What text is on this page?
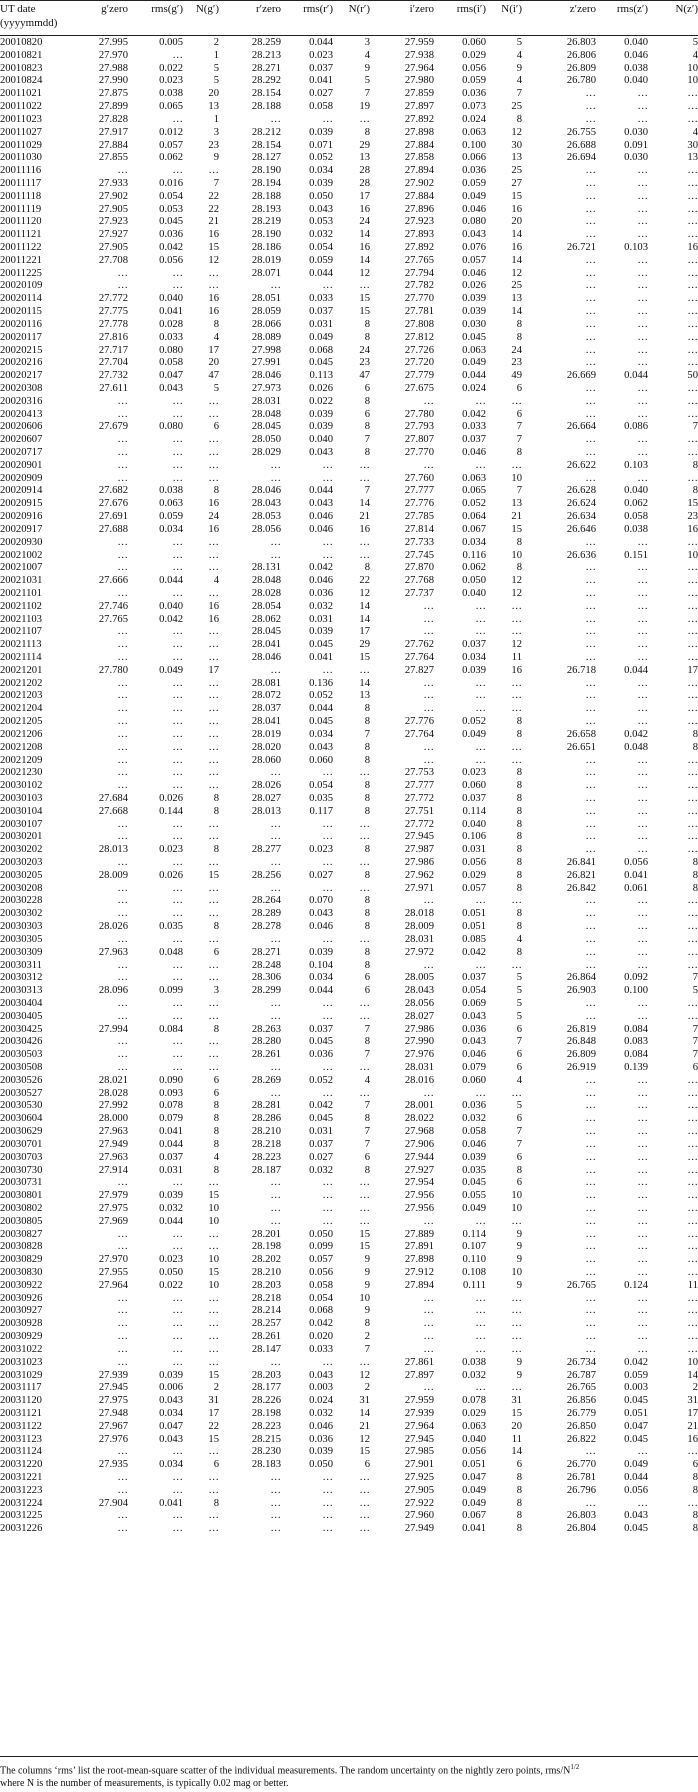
UT date
(yyyymmdd)
	g′zero	rms(g′)	N(g′)	r′zero	rms(r′)	N(r′)	i′zero	rms(i′)	N(i′)	z′zero	rms(z′)	N(z′)
20010820	27.995	0.005	2	28.259	0.044	3	27.959	0.060	5	26.803	0.040	5
20010821	27.970	…	1	28.213	0.023	4	27.938	0.029	4	26.806	0.046	4
20010823	27.988	0.022	5	28.271	0.037	9	27.964	0.056	9	26.809	0.038	10
20010824	27.990	0.023	5	28.292	0.041	5	27.980	0.059	4	26.780	0.040	10
20011021	27.875	0.038	20	28.154	0.027	7	27.859	0.036	7	…	…	…
20011022	27.899	0.065	13	28.188	0.058	19	27.897	0.073	25	…	…	…
20011023	27.828	…	1	…	…	…	27.892	0.024	8	…	…	…
20011027	27.917	0.012	3	28.212	0.039	8	27.898	0.063	12	26.755	0.030	4
20011029	27.884	0.057	23	28.154	0.071	29	27.884	0.100	30	26.688	0.091	30
20011030	27.855	0.062	9	28.127	0.052	13	27.858	0.066	13	26.694	0.030	13
20011116	…	…	…	28.190	0.034	28	27.894	0.036	25	…	…	…
20011117	27.933	0.016	7	28.194	0.039	28	27.902	0.059	27	…	…	…
20011118	27.902	0.054	22	28.188	0.050	17	27.884	0.049	15	…	…	…
20011119	27.905	0.053	22	28.193	0.043	16	27.896	0.046	16	…	…	…
20011120	27.923	0.045	21	28.219	0.053	24	27.923	0.080	20	…	…	…
20011121	27.927	0.036	16	28.190	0.032	14	27.893	0.043	14	…	…	…
20011122	27.905	0.042	15	28.186	0.054	16	27.892	0.076	16	26.721	0.103	16
20011221	27.708	0.056	12	28.019	0.059	14	27.765	0.057	14	…	…	…
20011225	…	…	…	28.071	0.044	12	27.794	0.046	12	…	…	…
20020109	…	…	…	…	…	…	27.782	0.026	25	…	…	…
20020114	27.772	0.040	16	28.051	0.033	15	27.770	0.039	13	…	…	…
20020115	27.775	0.041	16	28.059	0.037	15	27.781	0.039	14	…	…	…
20020116	27.778	0.028	8	28.066	0.031	8	27.808	0.030	8	…	…	…
20020117	27.816	0.033	4	28.089	0.049	8	27.812	0.045	8	…	…	…
20020215	27.717	0.080	17	27.998	0.068	24	27.726	0.063	24	…	…	…
20020216	27.704	0.058	20	27.991	0.045	23	27.720	0.049	23	…	…	…
20020217	27.732	0.047	47	28.046	0.113	47	27.779	0.044	49	26.669	0.044	50
20020308	27.611	0.043	5	27.973	0.026	6	27.675	0.024	6	…	…	…
20020316	…	…	…	28.031	0.022	8	…	…	…	…	…	…
20020413	…	…	…	28.048	0.039	6	27.780	0.042	6	…	…	…
20020606	27.679	0.080	6	28.045	0.039	8	27.793	0.033	7	26.664	0.086	7
20020607	…	…	…	28.050	0.040	7	27.807	0.037	7	…	…	…
20020717	…	…	…	28.029	0.043	8	27.770	0.046	8	…	…	…
20020901	…	…	…	…	…	…	…	…	…	26.622	0.103	8
20020909	…	…	…	…	…	…	27.760	0.063	10	…	…	…
20020914	27.682	0.038	8	28.046	0.044	7	27.777	0.065	7	26.628	0.040	8
20020915	27.676	0.063	16	28.043	0.043	14	27.776	0.052	13	26.624	0.062	15
20020916	27.691	0.059	24	28.053	0.046	21	27.785	0.064	21	26.634	0.058	23
20020917	27.688	0.034	16	28.056	0.046	16	27.814	0.067	15	26.646	0.038	16
20020930	…	…	…	…	…	…	27.733	0.034	8	…	…	…
20021002	…	…	…	…	…	…	27.745	0.116	10	26.636	0.151	10
20021007	…	…	…	28.131	0.042	8	27.870	0.062	8	…	…	…
20021031	27.666	0.044	4	28.048	0.046	22	27.768	0.050	12	…	…	…
20021101	…	…	…	28.028	0.036	12	27.737	0.040	12	…	…	…
20021102	27.746	0.040	16	28.054	0.032	14	…	…	…	…	…	…
20021103	27.765	0.042	16	28.062	0.031	14	…	…	…	…	…	…
20021107	…	…	…	28.045	0.039	17	…	…	…	…	…	…
20021113	…	…	…	28.041	0.045	29	27.762	0.037	12	…	…	…
20021114	…	…	…	28.046	0.041	15	27.764	0.034	11	…	…	…
20021201	27.780	0.049	17	…	…	…	27.827	0.039	16	26.718	0.044	17
20021202	…	…	…	28.081	0.136	14	…	…	…	…	…	…
20021203	…	…	…	28.072	0.052	13	…	…	…	…	…	…
20021204	…	…	…	28.037	0.044	8	…	…	…	…	…	…
20021205	…	…	…	28.041	0.045	8	27.776	0.052	8	…	…	…
20021206	…	…	…	28.019	0.034	7	27.764	0.049	8	26.658	0.042	8
20021208	…	…	…	28.020	0.043	8	…	…	…	26.651	0.048	8
20021209	…	…	…	28.060	0.060	8	…	…	…	…	…	…
20021230	…	…	…	…	…	…	27.753	0.023	8	…	…	…
20030102	…	…	…	28.026	0.054	8	27.777	0.060	8	…	…	…
20030103	27.684	0.026	8	28.027	0.035	8	27.772	0.037	8	…	…	…
20030104	27.668	0.144	8	28.013	0.117	8	27.751	0.114	8	…	…	…
20030107	…	…	…	…	…	…	27.772	0.040	8	…	…	…
20030201	…	…	…	…	…	…	27.945	0.106	8	…	…	…
20030202	28.013	0.023	8	28.277	0.023	8	27.987	0.031	8	…	…	…
20030203	…	…	…	…	…	…	27.986	0.056	8	26.841	0.056	8
20030205	28.009	0.026	15	28.256	0.027	8	27.962	0.029	8	26.821	0.041	8
20030208	…	…	…	…	…	…	27.971	0.057	8	26.842	0.061	8
20030228	…	…	…	28.264	0.070	8	…	…	…	…	…	…
20030302	…	…	…	28.289	0.043	8	28.018	0.051	8	…	…	…
20030303	28.026	0.035	8	28.278	0.046	8	28.009	0.051	8	…	…	…
20030305	…	…	…	…	…	…	28.031	0.085	4	…	…	…
20030309	27.963	0.048	6	28.271	0.039	8	27.972	0.042	8	…	…	…
20030311	…	…	…	28.248	0.104	8	…	…	…	…	…	…
20030312	…	…	…	28.306	0.034	6	28.005	0.037	5	26.864	0.092	7
20030313	28.096	0.099	3	28.299	0.044	6	28.043	0.054	5	26.903	0.100	5
20030404	…	…	…	…	…	…	28.056	0.069	5	…	…	…
20030405	…	…	…	…	…	…	28.027	0.043	5	…	…	…
20030425	27.994	0.084	8	28.263	0.037	7	27.986	0.036	6	26.819	0.084	7
20030426	…	…	…	28.280	0.045	8	27.990	0.043	7	26.848	0.083	7
20030503	…	…	…	28.261	0.036	7	27.976	0.046	6	26.809	0.084	7
20030508	…	…	…	…	…	…	28.031	0.079	6	26.919	0.139	6
20030526	28.021	0.090	6	28.269	0.052	4	28.016	0.060	4	…	…	…
20030527	28.028	0.093	6	…	…	…	…	…	…	…	…	…
20030530	27.992	0.078	8	28.281	0.042	7	28.001	0.036	5	…	…	…
20030604	28.000	0.079	8	28.286	0.045	8	28.022	0.032	6	…	…	…
20030629	27.963	0.041	8	28.210	0.031	7	27.968	0.058	7	…	…	…
20030701	27.949	0.044	8	28.218	0.037	7	27.906	0.046	7	…	…	…
20030703	27.963	0.037	4	28.223	0.027	6	27.944	0.039	6	…	…	…
20030730	27.914	0.031	8	28.187	0.032	8	27.927	0.035	8	…	…	…
20030731	…	…	…	…	…	…	27.954	0.045	6	…	…	…
20030801	27.979	0.039	15	…	…	…	27.956	0.055	10	…	…	…
20030802	27.975	0.032	10	…	…	…	27.956	0.049	10	…	…	…
20030805	27.969	0.044	10	…	…	…	…	…	…	…	…	…
20030827	…	…	…	28.201	0.050	15	27.889	0.114	9	…	…	…
20030828	…	…	…	28.198	0.099	15	27.891	0.107	9	…	…	…
20030829	27.970	0.023	10	28.202	0.057	9	27.898	0.110	9	…	…	…
20030830	27.955	0.050	15	28.210	0.056	9	27.912	0.108	10	…	…	…
20030922	27.964	0.022	10	28.203	0.058	9	27.894	0.111	9	26.765	0.124	11
20030926	…	…	…	28.218	0.054	10	…	…	…	…	…	…
20030927	…	…	…	28.214	0.068	9	…	…	…	…	…	…
20030928	…	…	…	28.257	0.042	8	…	…	…	…	…	…
20030929	…	…	…	28.261	0.020	2	…	…	…	…	…	…
20031022	…	…	…	28.147	0.033	7	…	…	…	…	…	…
20031023	…	…	…	…	…	…	27.861	0.038	9	26.734	0.042	10
20031029	27.939	0.039	15	28.203	0.043	12	27.897	0.032	9	26.787	0.059	14
20031117	27.945	0.006	2	28.177	0.003	2	…	…	…	26.765	0.003	2
20031120	27.975	0.043	31	28.226	0.024	31	27.959	0.078	31	26.856	0.045	31
20031121	27.948	0.034	17	28.198	0.032	14	27.939	0.029	15	26.779	0.051	17
20031122	27.967	0.047	22	28.223	0.046	21	27.964	0.063	20	26.850	0.047	21
20031123	27.976	0.043	15	28.215	0.036	12	27.945	0.040	11	26.822	0.045	16
20031124	…	…	…	28.230	0.039	15	27.985	0.056	14	…	…	…
20031220	27.935	0.034	6	28.183	0.050	6	27.901	0.051	6	26.770	0.049	6
20031221	…	…	…	…	…	…	27.925	0.047	8	26.781	0.044	8
20031223	…	…	…	…	…	…	27.905	0.049	8	26.796	0.056	8
20031224	27.904	0.041	8	…	…	…	27.922	0.049	8	…	…	…
20031225	…	…	…	…	…	…	27.960	0.067	8	26.803	0.043	8
20031226	…	…	…	…	…	…	27.949	0.041	8	26.804	0.045	8
The columns ‘rms’ list the root-mean-square scatter of the individual measurements. The random uncertainty on the nightly zero points, rms/$N^{1/2}$
where N is the number of measurements, is typically 0.02 mag or better.
